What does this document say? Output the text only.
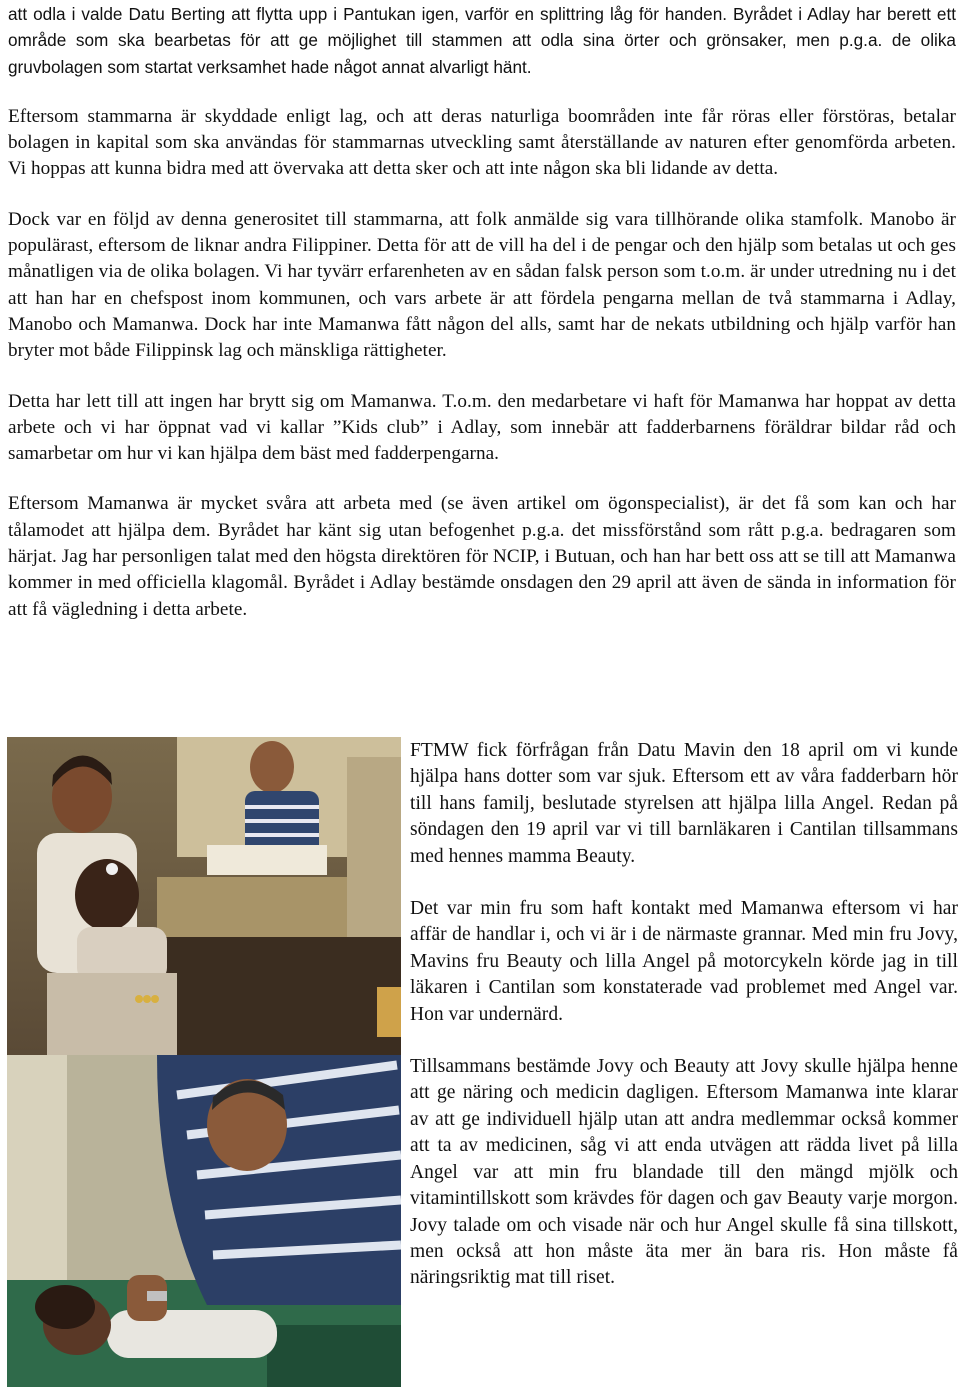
att odla i valde Datu Berting att flytta upp i Pantukan igen, varför en splittring låg för handen. Byrådet i Adlay har berett ett område som ska bearbetas för att ge möjlighet till stammen att odla sina örter och grönsaker, men p.g.a. de olika gruvbolagen som startat verksamhet hade något annat alvarligt hänt.

Eftersom stammarna är skyddade enligt lag, och att deras naturliga boområden inte får röras eller förstöras, betalar bolagen in kapital som ska användas för stammarnas utveckling samt återställande av naturen efter genomförda arbeten. Vi hoppas att kunna bidra med att övervaka att detta sker och att inte någon ska bli lidande av detta.

Dock var en följd av denna generositet till stammarna, att folk anmälde sig vara tillhörande olika stamfolk. Manobo är populärast, eftersom de liknar andra Filippiner. Detta för att de vill ha del i de pengar och den hjälp som betalas ut och ges månatligen via de olika bolagen. Vi har tyvärr erfarenheten av en sådan falsk person som t.o.m. är under utredning nu i det att han har en chefspost inom kommunen, och vars arbete är att fördela pengarna mellan de två stammarna i Adlay, Manobo och Mamanwa. Dock har inte Mamanwa fått någon del alls, samt har de nekats utbildning och hjälp varför han bryter mot både Filippinsk lag och mänskliga rättigheter.

Detta har lett till att ingen har brytt sig om Mamanwa. T.o.m. den medarbetare vi haft för Mamanwa har hoppat av detta arbete och vi har öppnat vad vi kallar ”Kids club” i Adlay, som innebär att fadderbarnens föräldrar bildar råd och samarbetar om hur vi kan hjälpa dem bäst med fadderpengarna.

Eftersom Mamanwa är mycket svåra att arbeta med (se även artikel om ögonspecialist), är det få som kan och har tålamodet att hjälpa dem. Byrådet har känt sig utan befogenhet p.g.a. det missförstånd som rått p.g.a. bedragaren som härjat. Jag har personligen talat med den högsta direktören för NCIP, i Butuan, och han har bett oss att se till att Mamanwa kommer in med officiella klagomål. Byrådet i Adlay bestämde onsdagen den 29 april att även de sända in information för att få vägledning i detta arbete.

FTMW fick förfrågan från Datu Mavin den 18 april om vi kunde hjälpa hans dotter som var sjuk. Eftersom ett av våra fadderbarn hör till hans familj, beslutade styrelsen att hjälpa lilla Angel. Redan på söndagen den 19 april var vi till barnläkaren i Cantilan tillsammans med hennes mamma Beauty.

Det var min fru som haft kontakt med Mamanwa eftersom vi har affär de handlar i, och vi är i de närmaste grannar. Med min fru Jovy, Mavins fru Beauty och lilla Angel på motorcykeln körde jag in till läkaren i Cantilan som konstaterade vad problemet med Angel var. Hon var undernärd.

Tillsammans bestämde Jovy och Beauty att Jovy skulle hjälpa henne att ge näring och medicin dagligen. Eftersom Mamanwa inte klarar av att ge individuell hjälp utan att andra medlemmar också kommer att ta av medicinen, såg vi att enda utvägen att rädda livet på lilla Angel var att min fru blandade till den mängd mjölk och vitamintillskott som krävdes för dagen och gav Beauty varje morgon. Jovy talade om och visade när och hur Angel skulle få sina tillskott, men också att hon måste äta mer än bara ris. Hon måste få näringsriktig mat till riset.
